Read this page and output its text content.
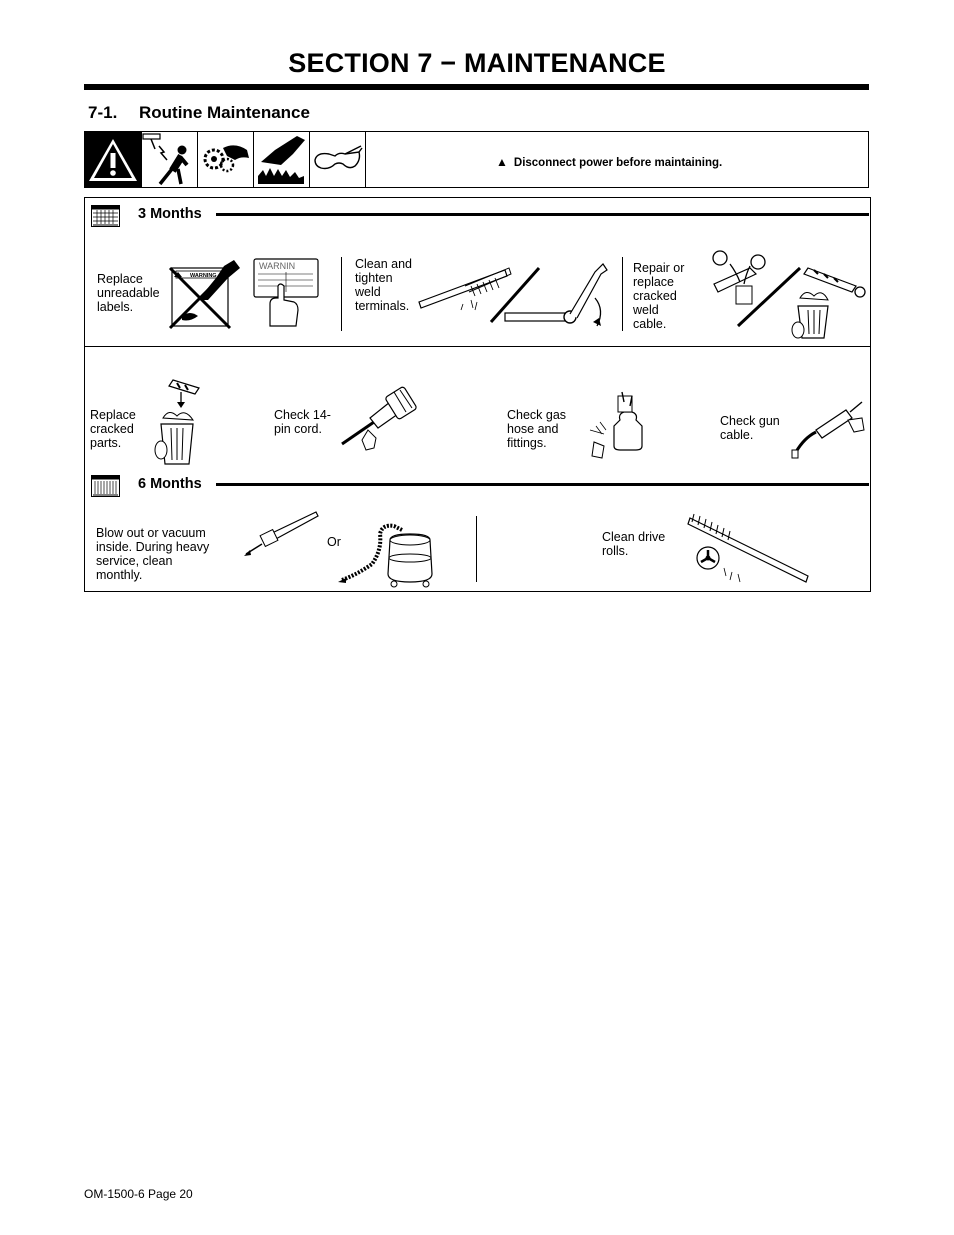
SECTION 7 − MAINTENANCE
7-1. Routine Maintenance
▲ Disconnect power before maintaining.
3 Months
Replace unreadable labels.
WARNING
WARNIN	Clean and tighten weld terminals.
Repair or replace cracked weld cable.
Replace cracked parts.
Check 14-pin cord.
Check gas hose and fittings.
Check gun cable.
6 Months
Blow out or vacuum inside. During heavy service, clean monthly.
Or	Clean drive rolls.
OM-1500-6 Page 20
